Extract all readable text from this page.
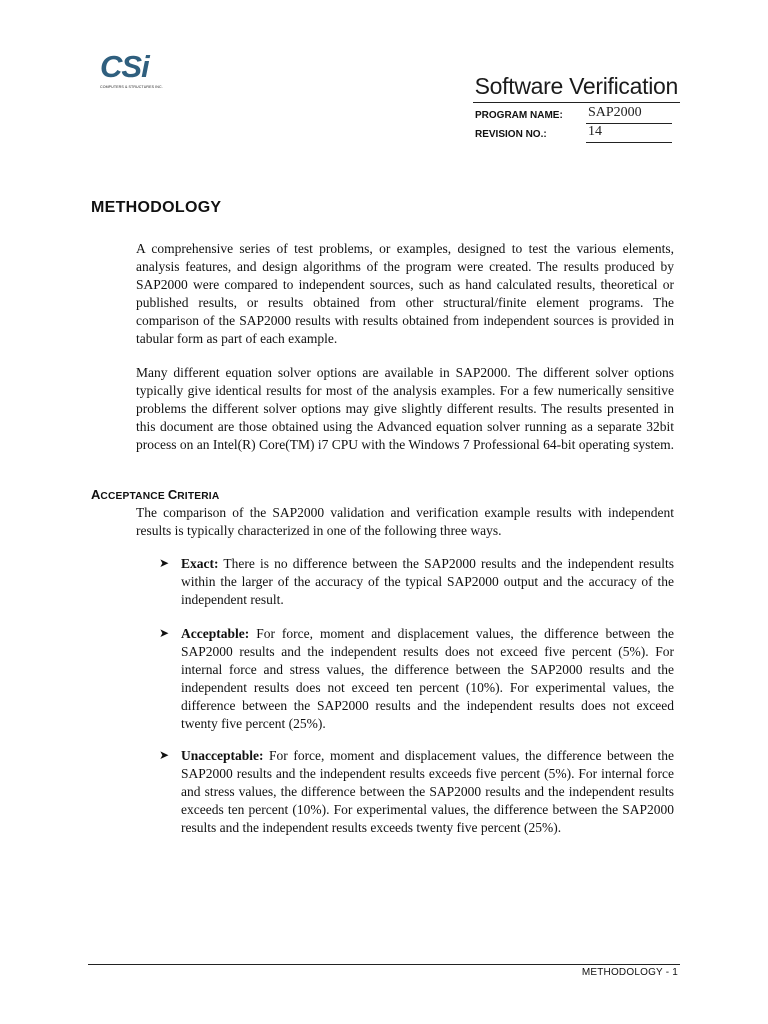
CSi
COMPUTERS & STRUCTURES INC.	Software Verification
PROGRAM NAME: SAP2000
REVISION NO.:	14
METHODOLOGY

A comprehensive series of test problems, or examples, designed to test the various elements, analysis features, and design algorithms of the program were created. The results produced by SAP2000 were compared to independent sources, such as hand calculated results, theoretical or published results, or results obtained from other structural/finite element programs. The comparison of the SAP2000 results with results obtained from independent sources is provided in tabular form as part of each example.

Many different equation solver options are available in SAP2000. The different solver options typically give identical results for most of the analysis examples. For a few numerically sensitive problems the different solver options may give slightly different results. The results presented in this document are those obtained using the Advanced equation solver running as a separate 32bit process on an Intel(R) Core(TM) i7 CPU with the Windows 7 Professional 64-bit operating system.

ACCEPTANCE CRITERIA

The comparison of the SAP2000 validation and verification example results with independent results is typically characterized in one of the following three ways.

➤ Exact: There is no difference between the SAP2000 results and the independent results within the larger of the accuracy of the typical SAP2000 output and the accuracy of the independent result.
➤ Acceptable: For force, moment and displacement values, the difference between the SAP2000 results and the independent results does not exceed five percent (5%). For internal force and stress values, the difference between the SAP2000 results and the independent results does not exceed ten percent (10%). For experimental values, the difference between the SAP2000 results and the independent results does not exceed twenty five percent (25%).
➤ Unacceptable: For force, moment and displacement values, the difference between the SAP2000 results and the independent results exceeds five percent (5%). For internal force and stress values, the difference between the SAP2000 results and the independent results exceeds ten percent (10%). For experimental values, the difference between the SAP2000 results and the independent results exceeds twenty five percent (25%).
METHODOLOGY - 1
